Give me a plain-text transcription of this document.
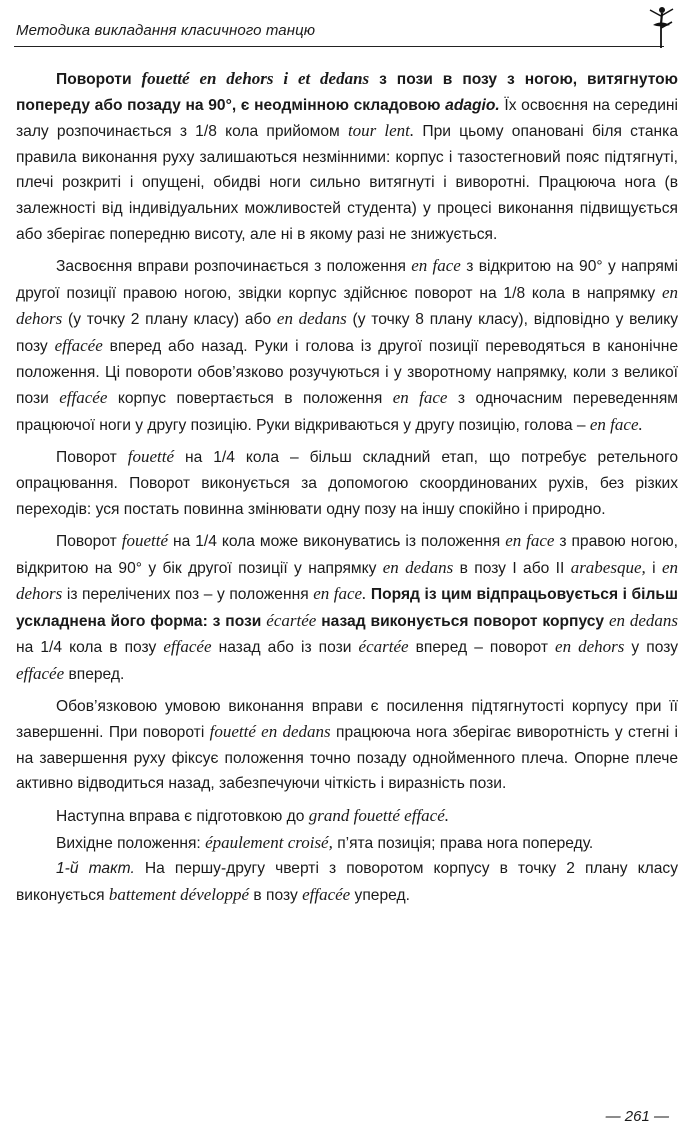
Методика викладання класичного танцю

Повороти fouetté en dehors і et dedans з пози в позу з ногою, витягнутою попереду або позаду на 90°, є неодмінною складовою adagio. Їх освоєння на середині залу розпочинається з 1/8 кола прийомом tour lent. При цьому опановані біля станка правила виконання руху залишаються незмінними: корпус і тазостегновий пояс підтягнуті, плечі розкриті і опущені, обидві ноги сильно витягнуті і виворотні. Працююча нога (в залежності від індивідуальних можливостей студента) у процесі виконання підвищується або зберігає попередню висоту, але ні в якому разі не знижується.

Засвоєння вправи розпочинається з положення en face з відкритою на 90° у напрямі другої позиції правою ногою, звідки корпус здійснює поворот на 1/8 кола в напрямку en dehors (у точку 2 плану класу) або en dedans (у точку 8 плану класу), відповідно у велику позу effacée вперед або назад. Руки і голова із другої позиції переводяться в канонічне положення. Ці повороти обов’язково розучуються і у зворотному напрямку, коли з великої пози effacée корпус повертається в положення en face з одночасним переведенням працюючої ноги у другу позицію. Руки відкриваються у другу позицію, голова – en face.

Поворот fouetté на 1/4 кола – більш складний етап, що потребує ретельного опрацювання. Поворот виконується за допомогою скоординованих рухів, без різких переходів: уся постать повинна змінювати одну позу на іншу спокійно і природно.

Поворот fouetté на 1/4 кола може виконуватись із положення en face з правою ногою, відкритою на 90° у бік другої позиції у напрямку en dedans в позу I або II arabesque, і en dehors із перелічених поз – у положення en face. Поряд із цим відпрацьовується і більш ускладнена його форма: з пози écartée назад виконується поворот корпусу en dedans на 1/4 кола в позу effacée назад або із пози écartée вперед – поворот en dehors у позу effacée вперед.

Обов’язковою умовою виконання вправи є посилення підтягнутості корпусу при її завершенні. При повороті fouetté en dedans працююча нога зберігає виворотність у стегні і на завершення руху фіксує положення точно позаду однойменного плеча. Опорне плече активно відводиться назад, забезпечуючи чіткість і виразність пози.

Наступна вправа є підготовкою до grand fouetté effacé.

Вихідне положення: épaulement croisé, п’ята позиція; права нога попереду.

1-й такт. На першу-другу чверті з поворотом корпусу в точку 2 плану класу виконується battement développé в позу effacée уперед.

— 261 —
